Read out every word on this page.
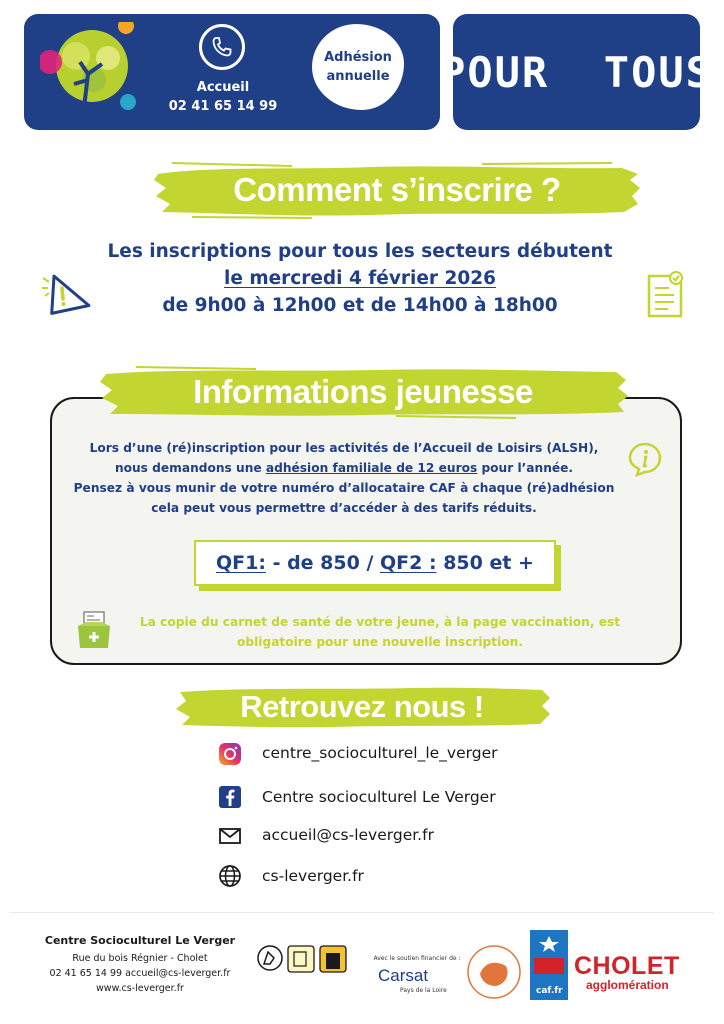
Accueil
02 41 65 14 99
Adhésion
annuelle POUR  TOUS
Comment s’inscrire ?
Les inscriptions pour tous les secteurs débutent
le mercredi 4 février 2026
de 9h00 à 12h00 et de 14h00 à 18h00
Informations jeunesse
Lors d’une (ré)inscription pour les activités de l’Accueil de Loisirs (ALSH),
nous demandons une adhésion familiale de 12 euros pour l’année.
Pensez à vous munir de votre numéro d’allocataire CAF à chaque (ré)adhésion
cela peut vous permettre d’accéder à des tarifs réduits.
QF1: - de 850 / QF2 : 850 et +
La copie du carnet de santé de votre jeune, à la page vaccination, est
obligatoire pour une nouvelle inscription.
Retrouvez nous !
centre_socioculturel_le_verger
Centre socioculturel Le Verger
accueil@cs-leverger.fr
cs-leverger.fr
Centre Socioculturel Le Verger
Rue du bois Régnier - Cholet
02 41 65 14 99 accueil@cs-leverger.fr
www.cs-leverger.fr
Avec le soutien financier de :
Carsat
Pays de la Loire	caf.fr
CHOLET
agglomération
